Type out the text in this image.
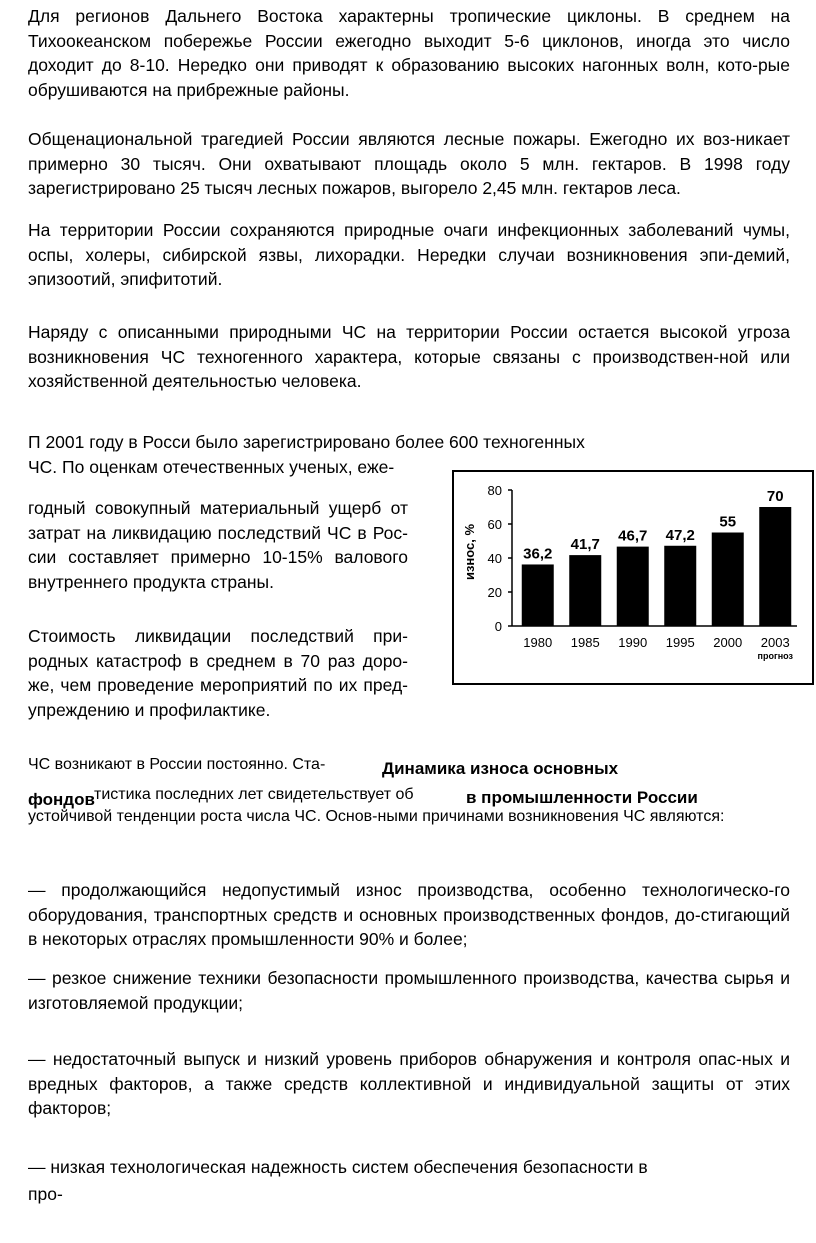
Для регионов Дальнего Востока характерны тропические циклоны. В среднем на Тихоокеанском побережье России ежегодно выходит 5-6 циклонов, иногда это число доходит до 8-10. Нередко они приводят к образованию высоких нагонных волн, кото-рые обрушиваются на прибрежные районы.

Общенациональной трагедией России являются лесные пожары. Ежегодно их воз-никает примерно 30 тысяч. Они охватывают площадь около 5 млн. гектаров. В 1998 году зарегистрировано 25 тысяч лесных пожаров, выгорело 2,45 млн. гектаров леса.

На территории России сохраняются природные очаги инфекционных заболеваний чумы, оспы, холеры, сибирской язвы, лихорадки. Нередки случаи возникновения эпи-демий, эпизоотий, эпифитотий.

Наряду с описанными природными ЧС на территории России остается высокой угроза возникновения ЧС техногенного характера, которые связаны с производствен-ной или хозяйственной деятельностью человека.

П 2001 году в Росси было зарегистрировано более 600 техногенных
ЧС. По оценкам отечественных ученых, еже-

годный совокупный материальный ущерб от затрат на ликвидацию последствий ЧС в Рос-сии составляет примерно 10-15% валового внутреннего продукта страны.

Стоимость ликвидации последствий при-родных катастроф в среднем в 70 раз доро-же, чем проведение мероприятий по их пред-упреждению и профилактике.

0
20
40
60
80
36,2
1980
41,7
1985
46,7
1990
47,2
1995
55
2000
70
2003
прогноз
износ, %
ЧС возникают в России постоянно. Ста-	Динамика износа основных
фондов тистика последних лет свидетельствует об	в промышленности России
устойчивой тенденции роста числа ЧС. Основ-ными причинами возникновения ЧС являются:

— продолжающийся недопустимый износ производства, особенно технологическо-го оборудования, транспортных средств и основных производственных фондов, до-стигающий в некоторых отраслях промышленности 90% и более;

— резкое снижение техники безопасности промышленного производства, качества сырья и изготовляемой продукции;

— недостаточный выпуск и низкий уровень приборов обнаружения и контроля опас-ных и вредных факторов, а также средств коллективной и индивидуальной защиты от этих факторов;

— низкая технологическая надежность систем обеспечения безопасности в
про-
